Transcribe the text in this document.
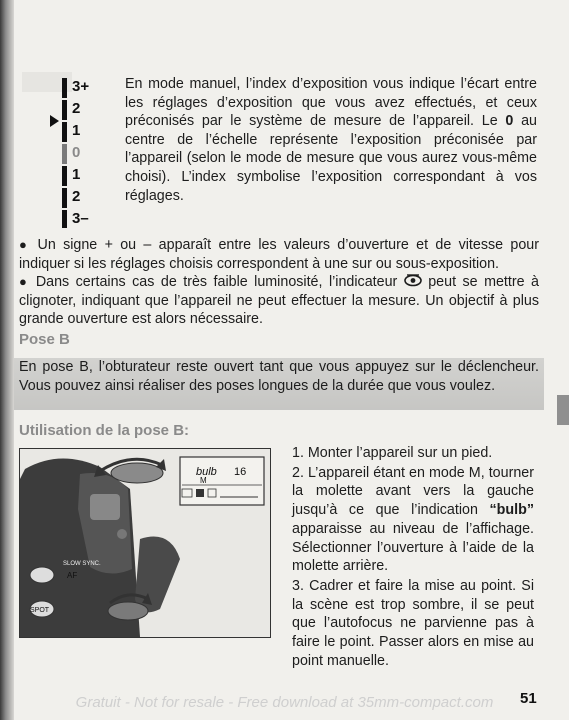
3+
2
1
0
1
2
3–

En mode manuel, l’index d’exposition vous indique l’écart entre les réglages d’exposition que vous avez effectués, et ceux préconisés par le système de mesure de l’appareil. Le 0 au centre de l’échelle représente l’exposition préconisée par l’appareil (selon le mode de mesure que vous aurez vous-même choisi). L’index symbolise l’exposition correspondant à vos réglages.

● Un signe + ou – apparaît entre les valeurs d’ouverture et de vitesse pour indiquer si les réglages choisis correspondent à une sur ou sous-exposition.
● Dans certains cas de très faible luminosité, l’indicateur peut se mettre à clignoter, indiquant que l’appareil ne peut effectuer la mesure. Un objectif à plus grande ouverture est alors nécessaire.

Pose B

En pose B, l’obturateur reste ouvert tant que vous appuyez sur le déclencheur. Vous pouvez ainsi réaliser des poses longues de la durée que vous voulez.

Utilisation de la pose B:
AF
SLOW SYNC.
SPOT
bulb 16
M

1. Monter l’appareil sur un pied.

2. L’appareil étant en mode M, tourner la molette avant vers la gauche jusqu’à ce que l’indication “bulb” apparaisse au niveau de l’affichage. Sélectionner l’ouverture à l’aide de la molette arrière.

3. Cadrer et faire la mise au point. Si la scène est trop sombre, il se peut que l’autofocus ne parvienne pas à faire le point. Passer alors en mise au point manuelle.

Gratuit - Not for resale - Free download at 35mm-compact.com	51
